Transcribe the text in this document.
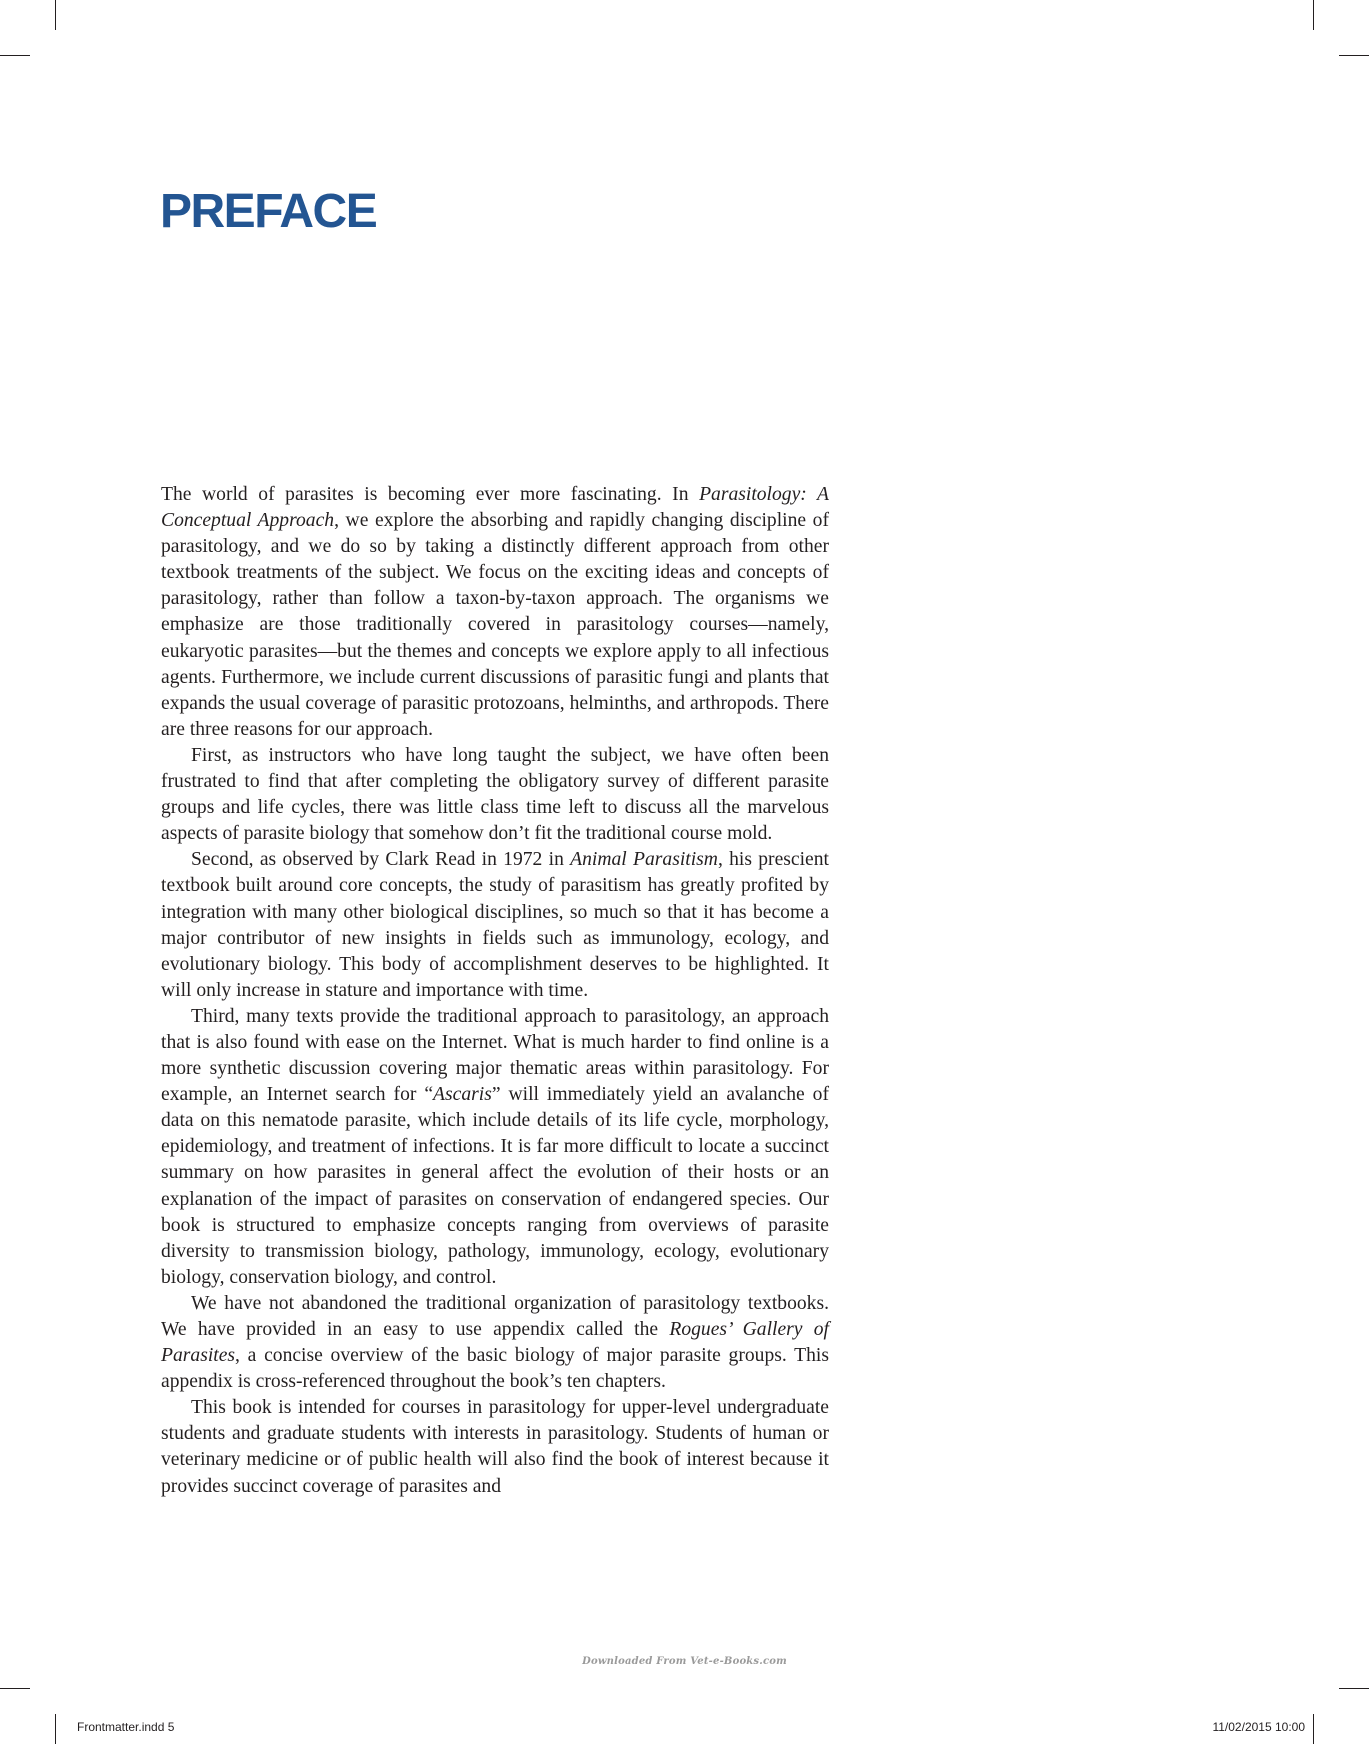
PREFACE

The world of parasites is becoming ever more fascinating. In Parasitology: A Conceptual Approach, we explore the absorbing and rapidly changing discipline of parasitology, and we do so by taking a distinctly different approach from other textbook treatments of the subject. We focus on the exciting ideas and concepts of parasitology, rather than follow a taxon-by-taxon approach. The organisms we emphasize are those traditionally covered in parasitology courses—namely, eukaryotic parasites—but the themes and concepts we explore apply to all infectious agents. Furthermore, we include current discussions of parasitic fungi and plants that expands the usual coverage of parasitic protozoans, helminths, and arthropods. There are three reasons for our approach.

First, as instructors who have long taught the subject, we have often been frustrated to find that after completing the obligatory survey of different parasite groups and life cycles, there was little class time left to discuss all the marvelous aspects of parasite biology that somehow don’t fit the traditional course mold.

Second, as observed by Clark Read in 1972 in Animal Parasitism, his prescient textbook built around core concepts, the study of parasitism has greatly profited by integration with many other biological disciplines, so much so that it has become a major contributor of new insights in fields such as immunology, ecology, and evolutionary biology. This body of accomplishment deserves to be highlighted. It will only increase in stature and importance with time.

Third, many texts provide the traditional approach to parasitology, an approach that is also found with ease on the Internet. What is much harder to find online is a more synthetic discussion covering major thematic areas within parasitology. For example, an Internet search for “Ascaris” will immediately yield an avalanche of data on this nematode parasite, which include details of its life cycle, morphology, epidemiology, and treatment of infections. It is far more difficult to locate a succinct summary on how parasites in general affect the evolution of their hosts or an explanation of the impact of parasites on conservation of endangered species. Our book is structured to emphasize concepts ranging from overviews of parasite diversity to transmission biology, pathology, immunology, ecology, evolutionary biology, conservation biology, and control.

We have not abandoned the traditional organization of parasitology textbooks. We have provided in an easy to use appendix called the Rogues’ Gallery of Parasites, a concise overview of the basic biology of major parasite groups. This appendix is cross-referenced throughout the book’s ten chapters.

This book is intended for courses in parasitology for upper-level undergraduate students and graduate students with interests in parasitology. Students of human or veterinary medicine or of public health will also find the book of interest because it provides succinct coverage of parasites and

Downloaded From Vet-e-Books.com
Frontmatter.indd 5	11/02/2015 10:00
